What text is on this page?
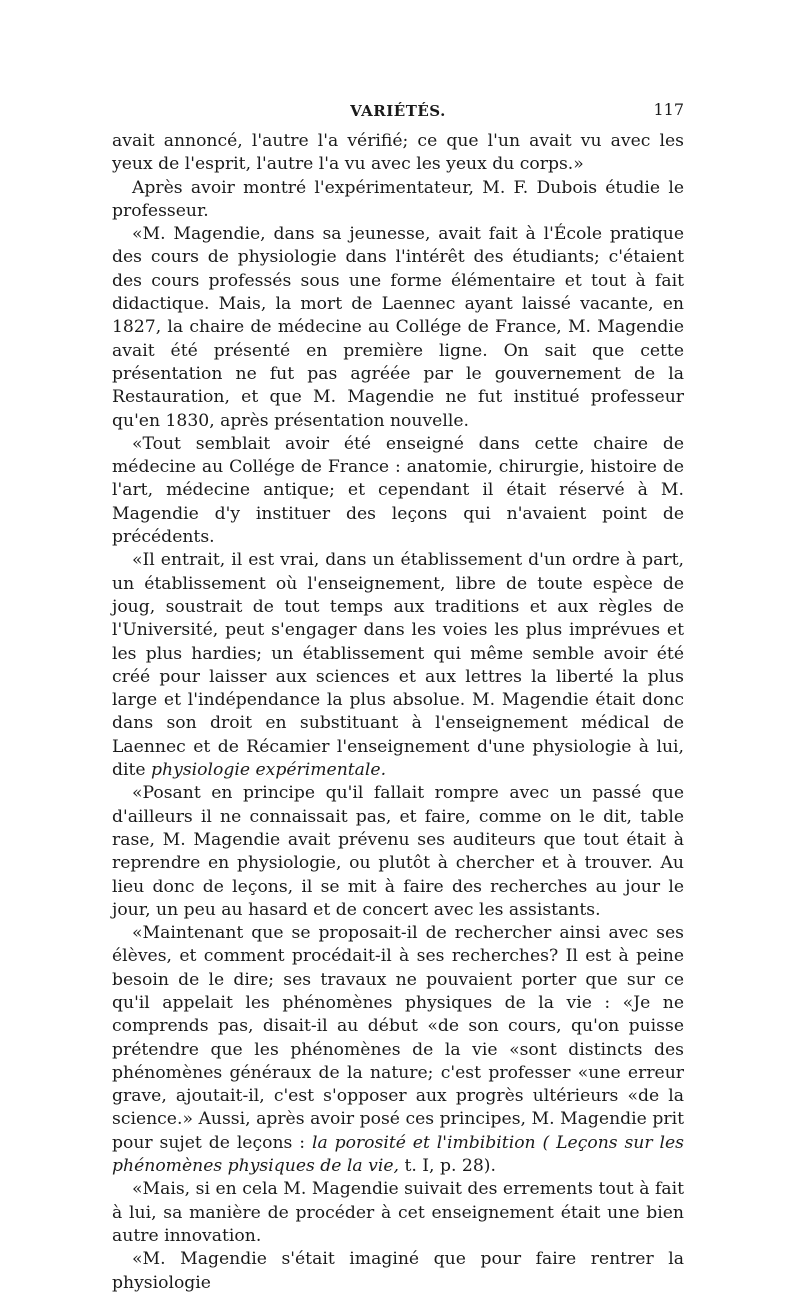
VARIÉTÉS.	117

avait annoncé, l'autre l'a vérifié; ce que l'un avait vu avec les yeux de l'esprit, l'autre l'a vu avec les yeux du corps.»

Après avoir montré l'expérimentateur, M. F. Dubois étudie le professeur.

«M. Magendie, dans sa jeunesse, avait fait à l'École pratique des cours de physiologie dans l'intérêt des étudiants; c'étaient des cours professés sous une forme élémentaire et tout à fait didactique. Mais, la mort de Laennec ayant laissé vacante, en 1827, la chaire de médecine au Collége de France, M. Magendie avait été présenté en première ligne. On sait que cette présentation ne fut pas agréée par le gouvernement de la Restauration, et que M. Magendie ne fut institué professeur qu'en 1830, après présentation nouvelle.

«Tout semblait avoir été enseigné dans cette chaire de médecine au Collége de France : anatomie, chirurgie, histoire de l'art, médecine antique; et cependant il était réservé à M. Magendie d'y instituer des leçons qui n'avaient point de précédents.

«Il entrait, il est vrai, dans un établissement d'un ordre à part, un établissement où l'enseignement, libre de toute espèce de joug, soustrait de tout temps aux traditions et aux règles de l'Université, peut s'engager dans les voies les plus imprévues et les plus hardies; un établissement qui même semble avoir été créé pour laisser aux sciences et aux lettres la liberté la plus large et l'indépendance la plus absolue. M. Magendie était donc dans son droit en substituant à l'enseignement médical de Laennec et de Récamier l'enseignement d'une physiologie à lui, dite physiologie expérimentale.

«Posant en principe qu'il fallait rompre avec un passé que d'ailleurs il ne connaissait pas, et faire, comme on le dit, table rase, M. Magendie avait prévenu ses auditeurs que tout était à reprendre en physiologie, ou plutôt à chercher et à trouver. Au lieu donc de leçons, il se mit à faire des recherches au jour le jour, un peu au hasard et de concert avec les assistants.

«Maintenant que se proposait-il de rechercher ainsi avec ses élèves, et comment procédait-il à ses recherches? Il est à peine besoin de le dire; ses travaux ne pouvaient porter que sur ce qu'il appelait les phénomènes physiques de la vie : «Je ne comprends pas, disait-il au début «de son cours, qu'on puisse prétendre que les phénomènes de la vie «sont distincts des phénomènes généraux de la nature; c'est professer «une erreur grave, ajoutait-il, c'est s'opposer aux progrès ultérieurs «de la science.» Aussi, après avoir posé ces principes, M. Magendie prit pour sujet de leçons : la porosité et l'imbibition ( Leçons sur les phénomènes physiques de la vie, t. I, p. 28).

«Mais, si en cela M. Magendie suivait des errements tout à fait à lui, sa manière de procéder à cet enseignement était une bien autre innovation.

«M. Magendie s'était imaginé que pour faire rentrer la physiologie
